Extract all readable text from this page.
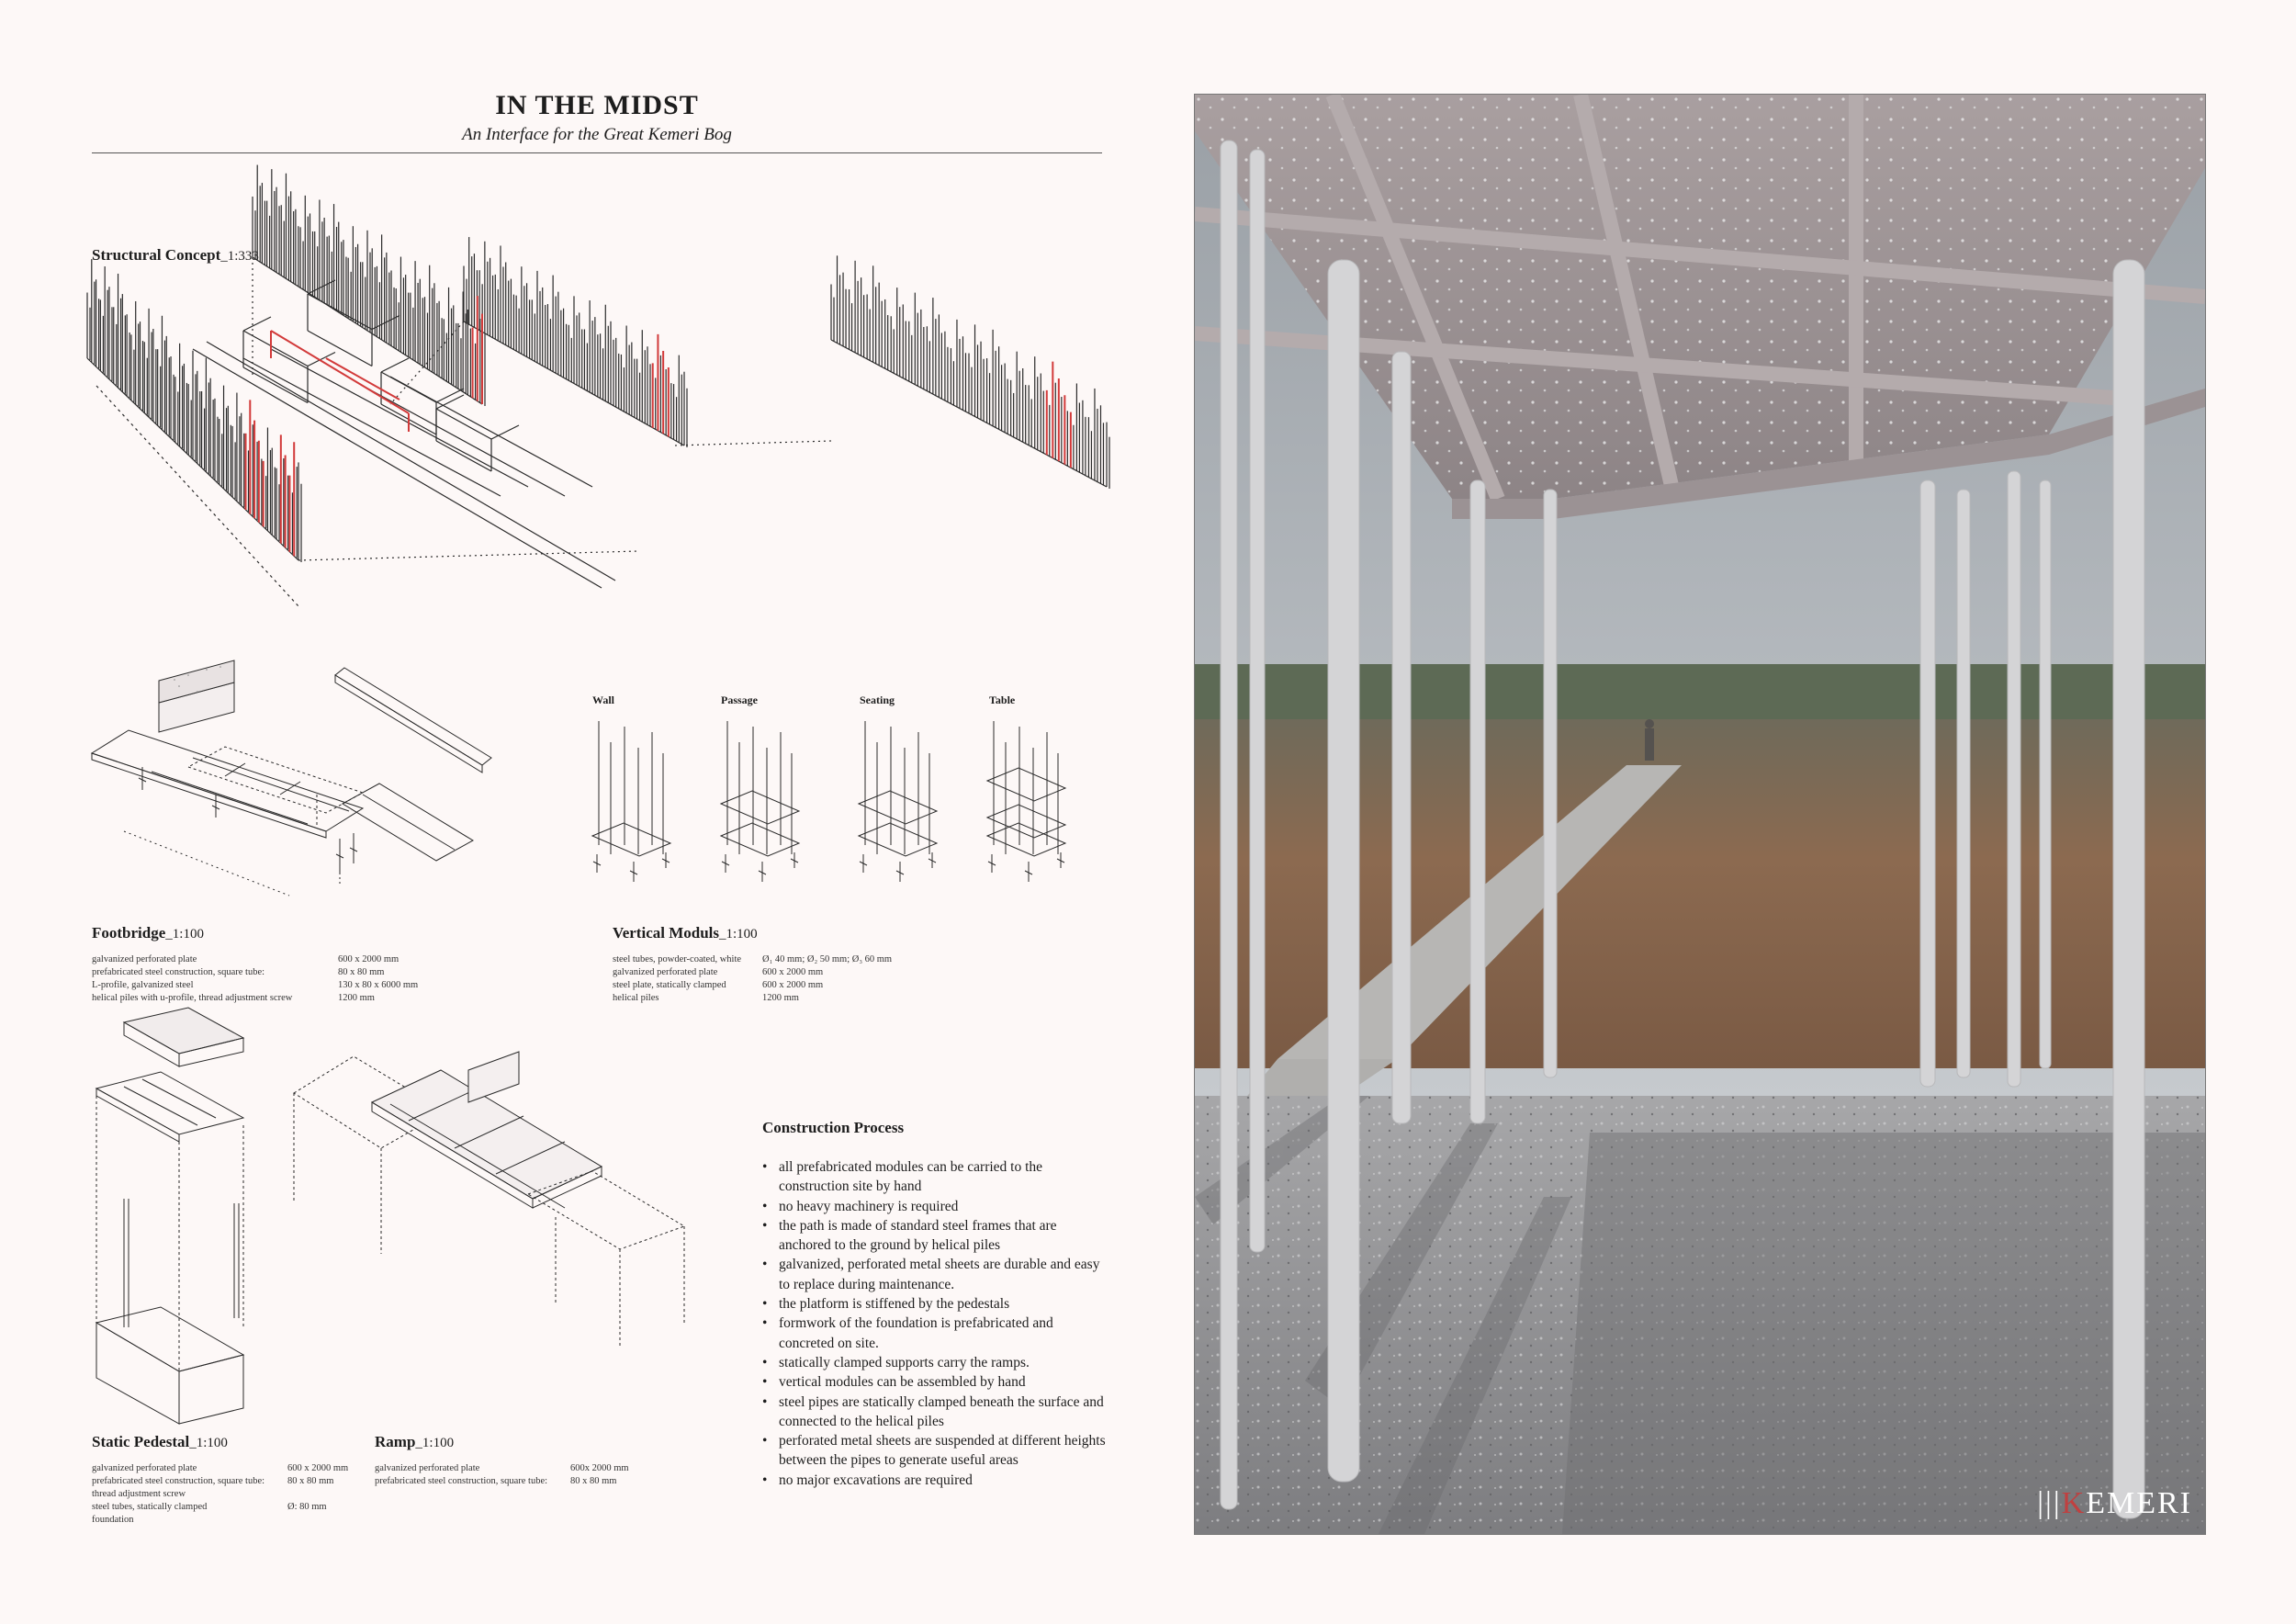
IN THE MIDST
An Interface for the Great Kemeri Bog
Structural Concept_1:333
Wall	Passage	Seating	Table
Footbridge_1:100
galvanized perforated plate	600 x 2000 mm
prefabricated steel construction, square tube:	80 x 80 mm
L-profile, galvanized steel	130 x 80 x 6000 mm
helical piles with u-profile, thread adjustment screw	1200 mm
Vertical Moduls_1:100
steel tubes, powder-coated, white	Ø₁ 40 mm; Ø₂ 50 mm; Ø₃ 60 mm
galvanized perforated plate	600 x 2000 mm
steel plate, statically clamped	600 x 2000 mm
helical piles	1200 mm
Static Pedestal_1:100
galvanized perforated plate	600 x 2000 mm
prefabricated steel construction, square tube:	80 x 80 mm
thread adjustment screw	
steel tubes, statically clamped	Ø: 80 mm
foundation	
Ramp_1:100
galvanized perforated plate	600x 2000 mm
prefabricated steel construction, square tube:	80 x 80 mm
Construction Process
• all prefabricated modules can be carried to the construction site by hand
• no heavy machinery is required
• the path is made of standard steel frames that are anchored to the ground by helical piles
• galvanized, perforated metal sheets are durable and easy to replace during maintenance.
• the platform is stiffened by the pedestals
• formwork of the foundation is prefabricated and concreted on site.
• statically clamped supports carry the ramps.
• vertical modules can be assembled by hand
• steel pipes are statically clamped beneath the surface and connected to the helical piles
• perforated metal sheets are suspended at different heights between the pipes to generate useful areas
• no major excavations are required
|||KEMERI
